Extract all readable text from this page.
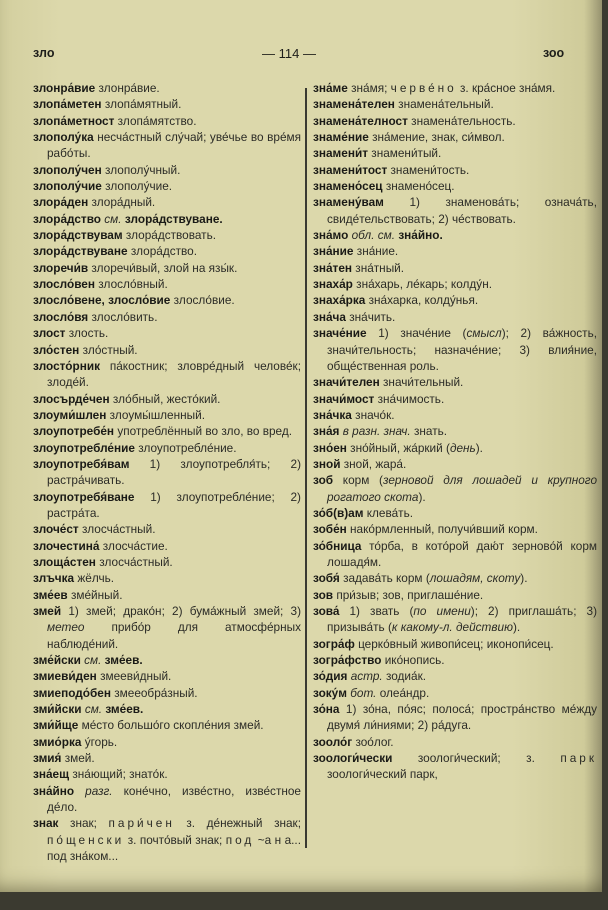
зло	— 114 —	зоо
злонра́вие злонра́вие.
злопа́метен злопа́мятный.
злопа́метност злопа́мятство.
злополу́ка несча́стный слу́чай; уве́чье во вре́мя рабо́ты.
злополу́чен злополу́чный.
злополу́чие злополу́чие.
злора́ден злора́дный.
злора́дство см. злора́дствуване.
злора́дствувам злора́дствовать.
злора́дствуване злора́дство.
злоречи́в злоречи́вый, злой на язы́к.
злосло́вен злосло́вный.
злосло́вене, злосло́вие злосло́вие.
злосло́вя злосло́вить.
злост злость.
зло́стен зло́стный.
злосто́рник па́костник; зловре́дный челове́к; злоде́й.
злосърде́чен зло́бный, жесто́кий.
злоуми́шлен злоумы́шленный.
злоупотребе́н употреблённый во зло, во вред.
злоупотребле́ние злоупотребле́ние.
злоупотребя́вам 1) злоупотребля́ть; 2) растра́чивать.
злоупотребя́ване 1) злоупотребле́ние; 2) растра́та.
злоче́ст злосча́стный.
злочестина́ злосча́стие.
злоща́стен злосча́стный.
злъчка жёлчь.
зме́ев зме́йный.
змей 1) змей; драко́н; 2) бума́жный змей; 3) метео прибо́р для атмосфе́рных наблюде́ний.
зме́йски см. зме́ев.
змиеви́ден змееви́дный.
змиеподо́бен змееобра́зный.
зми́йски см. зме́ев.
зми́йще ме́сто большо́го скопле́ния змей.
змио́рка у́горь.
змия́ змей.
зна́ещ зна́ющий; знато́к.
зна́йно разг. коне́чно, изве́стно, изве́стное де́ло.
знак знак; пари́чен з. де́нежный знак; по́щенски з. почто́вый знак; под ~а н а... под зна́ком...
зна́ме зна́мя; черве́но з. кра́сное зна́мя.
знамена́телен знамена́тельный.
знамена́телност знамена́тельность.
знаме́ние зна́мение, знак, си́мвол.
знамени́т знамени́тый.
знамени́тост знамени́тость.
знамено́сец знамено́сец.
знамену́вам 1) знаменова́ть; означа́ть, свиде́тельствовать; 2) че́ствовать.
зна́мо обл. см. зна́йно.
зна́ние зна́ние.
зна́тен зна́тный.
знаха́р зна́харь, ле́карь; колду́н.
знаха́рка зна́харка, колду́нья.
зна́ча зна́чить.
значе́ние 1) значе́ние (смысл); 2) ва́жность, значи́тельность; назначе́ние; 3) влия́ние, обще́ственная роль.
значи́телен значи́тельный.
значи́мост зна́чимость.
зна́чка значо́к.
зна́я в разн. знач. знать.
зно́ен зно́йный, жа́ркий (день).
зной зной, жара́.
зоб корм (зерновой для лошадей и крупного рогатого скота).
зо́б(в)ам клева́ть.
зобе́н нако́рмленный, получи́вший корм.
зо́бница то́рба, в кото́рой даю́т зерново́й корм лошадя́м.
зобя́ задава́ть корм (лошадям, скоту).
зов при́зыв; зов, приглаше́ние.
зова́ 1) звать (по имени); 2) приглаша́ть; 3) призыва́ть (к какому-л. действию).
зогра́ф церко́вный живопи́сец; иконопи́сец.
зогра́фство ико́нопись.
зо́дия астр. зодиа́к.
зоку́м бот. олеа́ндр.
зо́на 1) зо́на, по́яс; полоса́; простра́нство ме́жду двумя́ ли́ниями; 2) ра́дуга.
зооло́г зоо́лог.
зоологи́чески зоологи́ческий; з. парк зоологи́ческий парк,
